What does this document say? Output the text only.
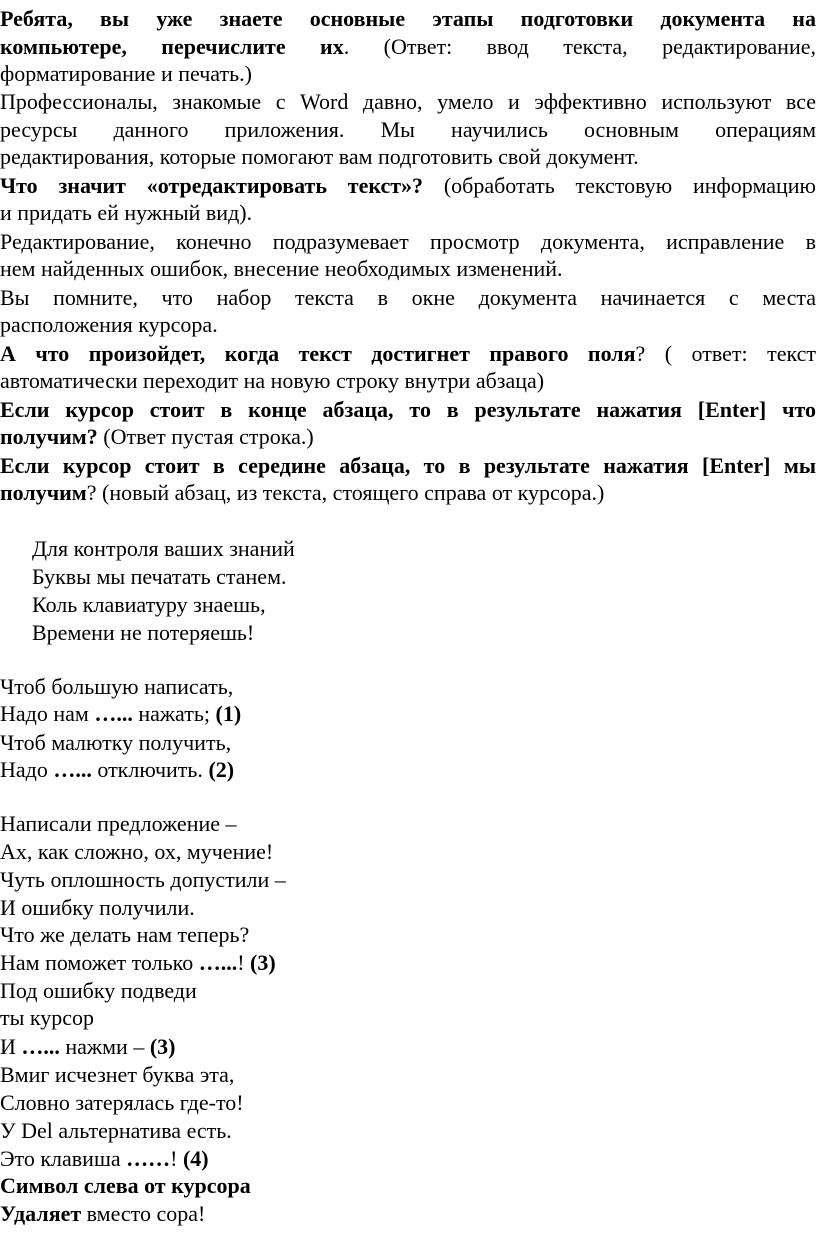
Ребята, вы уже знаете основные этапы подготовки документа на
компьютере, перечислите их. (Ответ: ввод текста, редактирование,
форматирование и печать.)
Профессионалы, знакомые с Word давно, умело и эффективно используют все
ресурсы данного приложения. Мы научились основным операциям
редактирования, которые помогают вам подготовить свой документ.
Что значит «отредактировать текст»? (обработать текстовую информацию
и придать ей нужный вид).
Редактирование, конечно подразумевает просмотр документа, исправление в
нем найденных ошибок, внесение необходимых изменений.
Вы помните, что набор текста в окне документа начинается с места
расположения курсора.
А что произойдет, когда текст достигнет правого поля? ( ответ: текст
автоматически переходит на новую строку внутри абзаца)
Если курсор стоит в конце абзаца, то в результате нажатия [Enter] что
получим? (Ответ пустая строка.)
Если курсор стоит в середине абзаца, то в результате нажатия [Enter] мы
получим? (новый абзац, из текста, стоящего справа от курсора.)
Для контроля ваших знаний
Буквы мы печатать станем.
Коль клавиатуру знаешь,
Времени не потеряешь!
Чтоб большую написать,
Надо нам …... нажать; (1)
Чтоб малютку получить,
Надо …... отключить. (2)
Написали предложение –
Ах, как сложно, ох, мучение!
Чуть оплошность допустили –
И ошибку получили.
Что же делать нам теперь?
Нам поможет только …...! (3)
Под ошибку подведи
ты курсор
И …... нажми – (3)
Вмиг исчезнет буква эта,
Словно затерялась где-то!
У Del альтернатива есть.
Это клавиша ……! (4)
Символ слева от курсора
Удаляет вместо сора!
